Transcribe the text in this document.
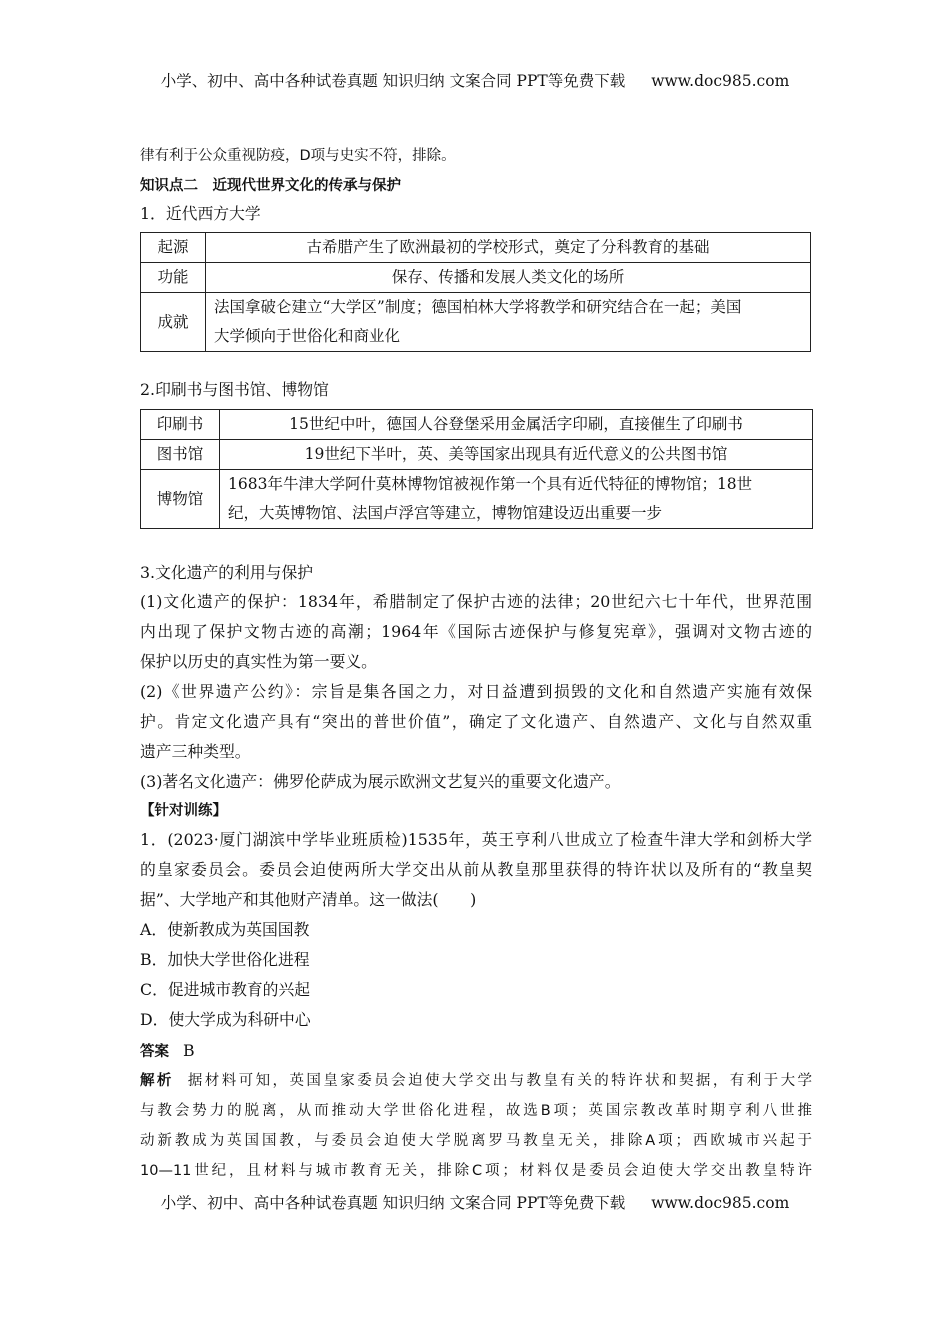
小学、初中、高中各种试卷真题 知识归纳 文案合同 PPT等免费下载 www.doc985.com
律有利于公众重视防疫，D项与史实不符，排除。
知识点二　近现代世界文化的传承与保护
1．近代西方大学
起源	古希腊产生了欧洲最初的学校形式，奠定了分科教育的基础
功能	保存、传播和发展人类文化的场所
成就	法国拿破仑建立“大学区”制度；德国柏林大学将教学和研究结合在一起；美国
大学倾向于世俗化和商业化
2.印刷书与图书馆、博物馆
印刷书	15世纪中叶，德国人谷登堡采用金属活字印刷，直接催生了印刷书
图书馆	19世纪下半叶，英、美等国家出现具有近代意义的公共图书馆
博物馆	1683年牛津大学阿什莫林博物馆被视作第一个具有近代特征的博物馆；18世
纪，大英博物馆、法国卢浮宫等建立，博物馆建设迈出重要一步
3.文化遗产的利用与保护
(1)文化遗产的保护：1834年，希腊制定了保护古迹的法律；20世纪六七十年代，世界范围
内出现了保护文物古迹的高潮；1964年《国际古迹保护与修复宪章》，强调对文物古迹的
保护以历史的真实性为第一要义。
(2)《世界遗产公约》：宗旨是集各国之力，对日益遭到损毁的文化和自然遗产实施有效保
护。肯定文化遗产具有“突出的普世价值”，确定了文化遗产、自然遗产、文化与自然双重
遗产三种类型。
(3)著名文化遗产：佛罗伦萨成为展示欧洲文艺复兴的重要文化遗产。
【针对训练】
1．(2023·厦门湖滨中学毕业班质检)1535年，英王亨利八世成立了检查牛津大学和剑桥大学
的皇家委员会。委员会迫使两所大学交出从前从教皇那里获得的特许状以及所有的“教皇契
据”、大学地产和其他财产清单。这一做法(　　)
A．使新教成为英国国教
B．加快大学世俗化进程
C．促进城市教育的兴起
D．使大学成为科研中心
答案 B
解析 据材料可知，英国皇家委员会迫使大学交出与教皇有关的特许状和契据，有利于大学
与教会势力的脱离，从而推动大学世俗化进程，故选B项；英国宗教改革时期亨利八世推
动新教成为英国国教，与委员会迫使大学脱离罗马教皇无关，排除A项；西欧城市兴起于
10—11世纪，且材料与城市教育无关，排除C项；材料仅是委员会迫使大学交出教皇特许
小学、初中、高中各种试卷真题 知识归纳 文案合同 PPT等免费下载 www.doc985.com
